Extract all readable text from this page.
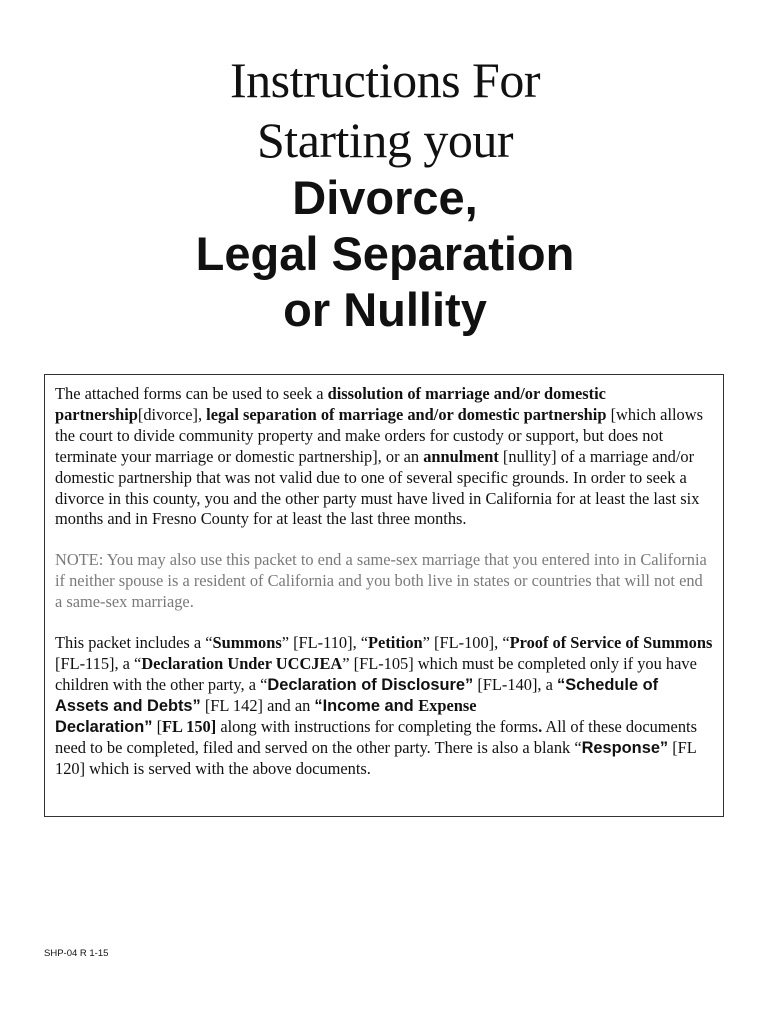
Instructions For
Starting your
Divorce,
Legal Separation
or Nullity

The attached forms can be used to seek a dissolution of marriage and/or domestic partnership[divorce], legal separation of marriage and/or domestic partnership [which allows the court to divide community property and make orders for custody or support, but does not terminate your marriage or domestic partnership], or an annulment [nullity] of a marriage and/or domestic partnership that was not valid due to one of several specific grounds. In order to seek a divorce in this county, you and the other party must have lived in California for at least the last six months and in Fresno County for at least the last three months.

NOTE: You may also use this packet to end a same-sex marriage that you entered into in California if neither spouse is a resident of California and you both live in states or countries that will not end a same-sex marriage.

This packet includes a “Summons” [FL-110], “Petition” [FL-100], “Proof of Service of Summons [FL-115], a “Declaration Under UCCJEA” [FL-105] which must be completed only if you have children with the other party, a “Declaration of Disclosure” [FL-140], a “Schedule of Assets and Debts” [FL 142] and an “Income and Expense
Declaration” [FL 150] along with instructions for completing the forms. All of these documents need to be completed, filed and served on the other party. There is also a blank “Response” [FL 120] which is served with the above documents.

SHP-04 R 1-15
